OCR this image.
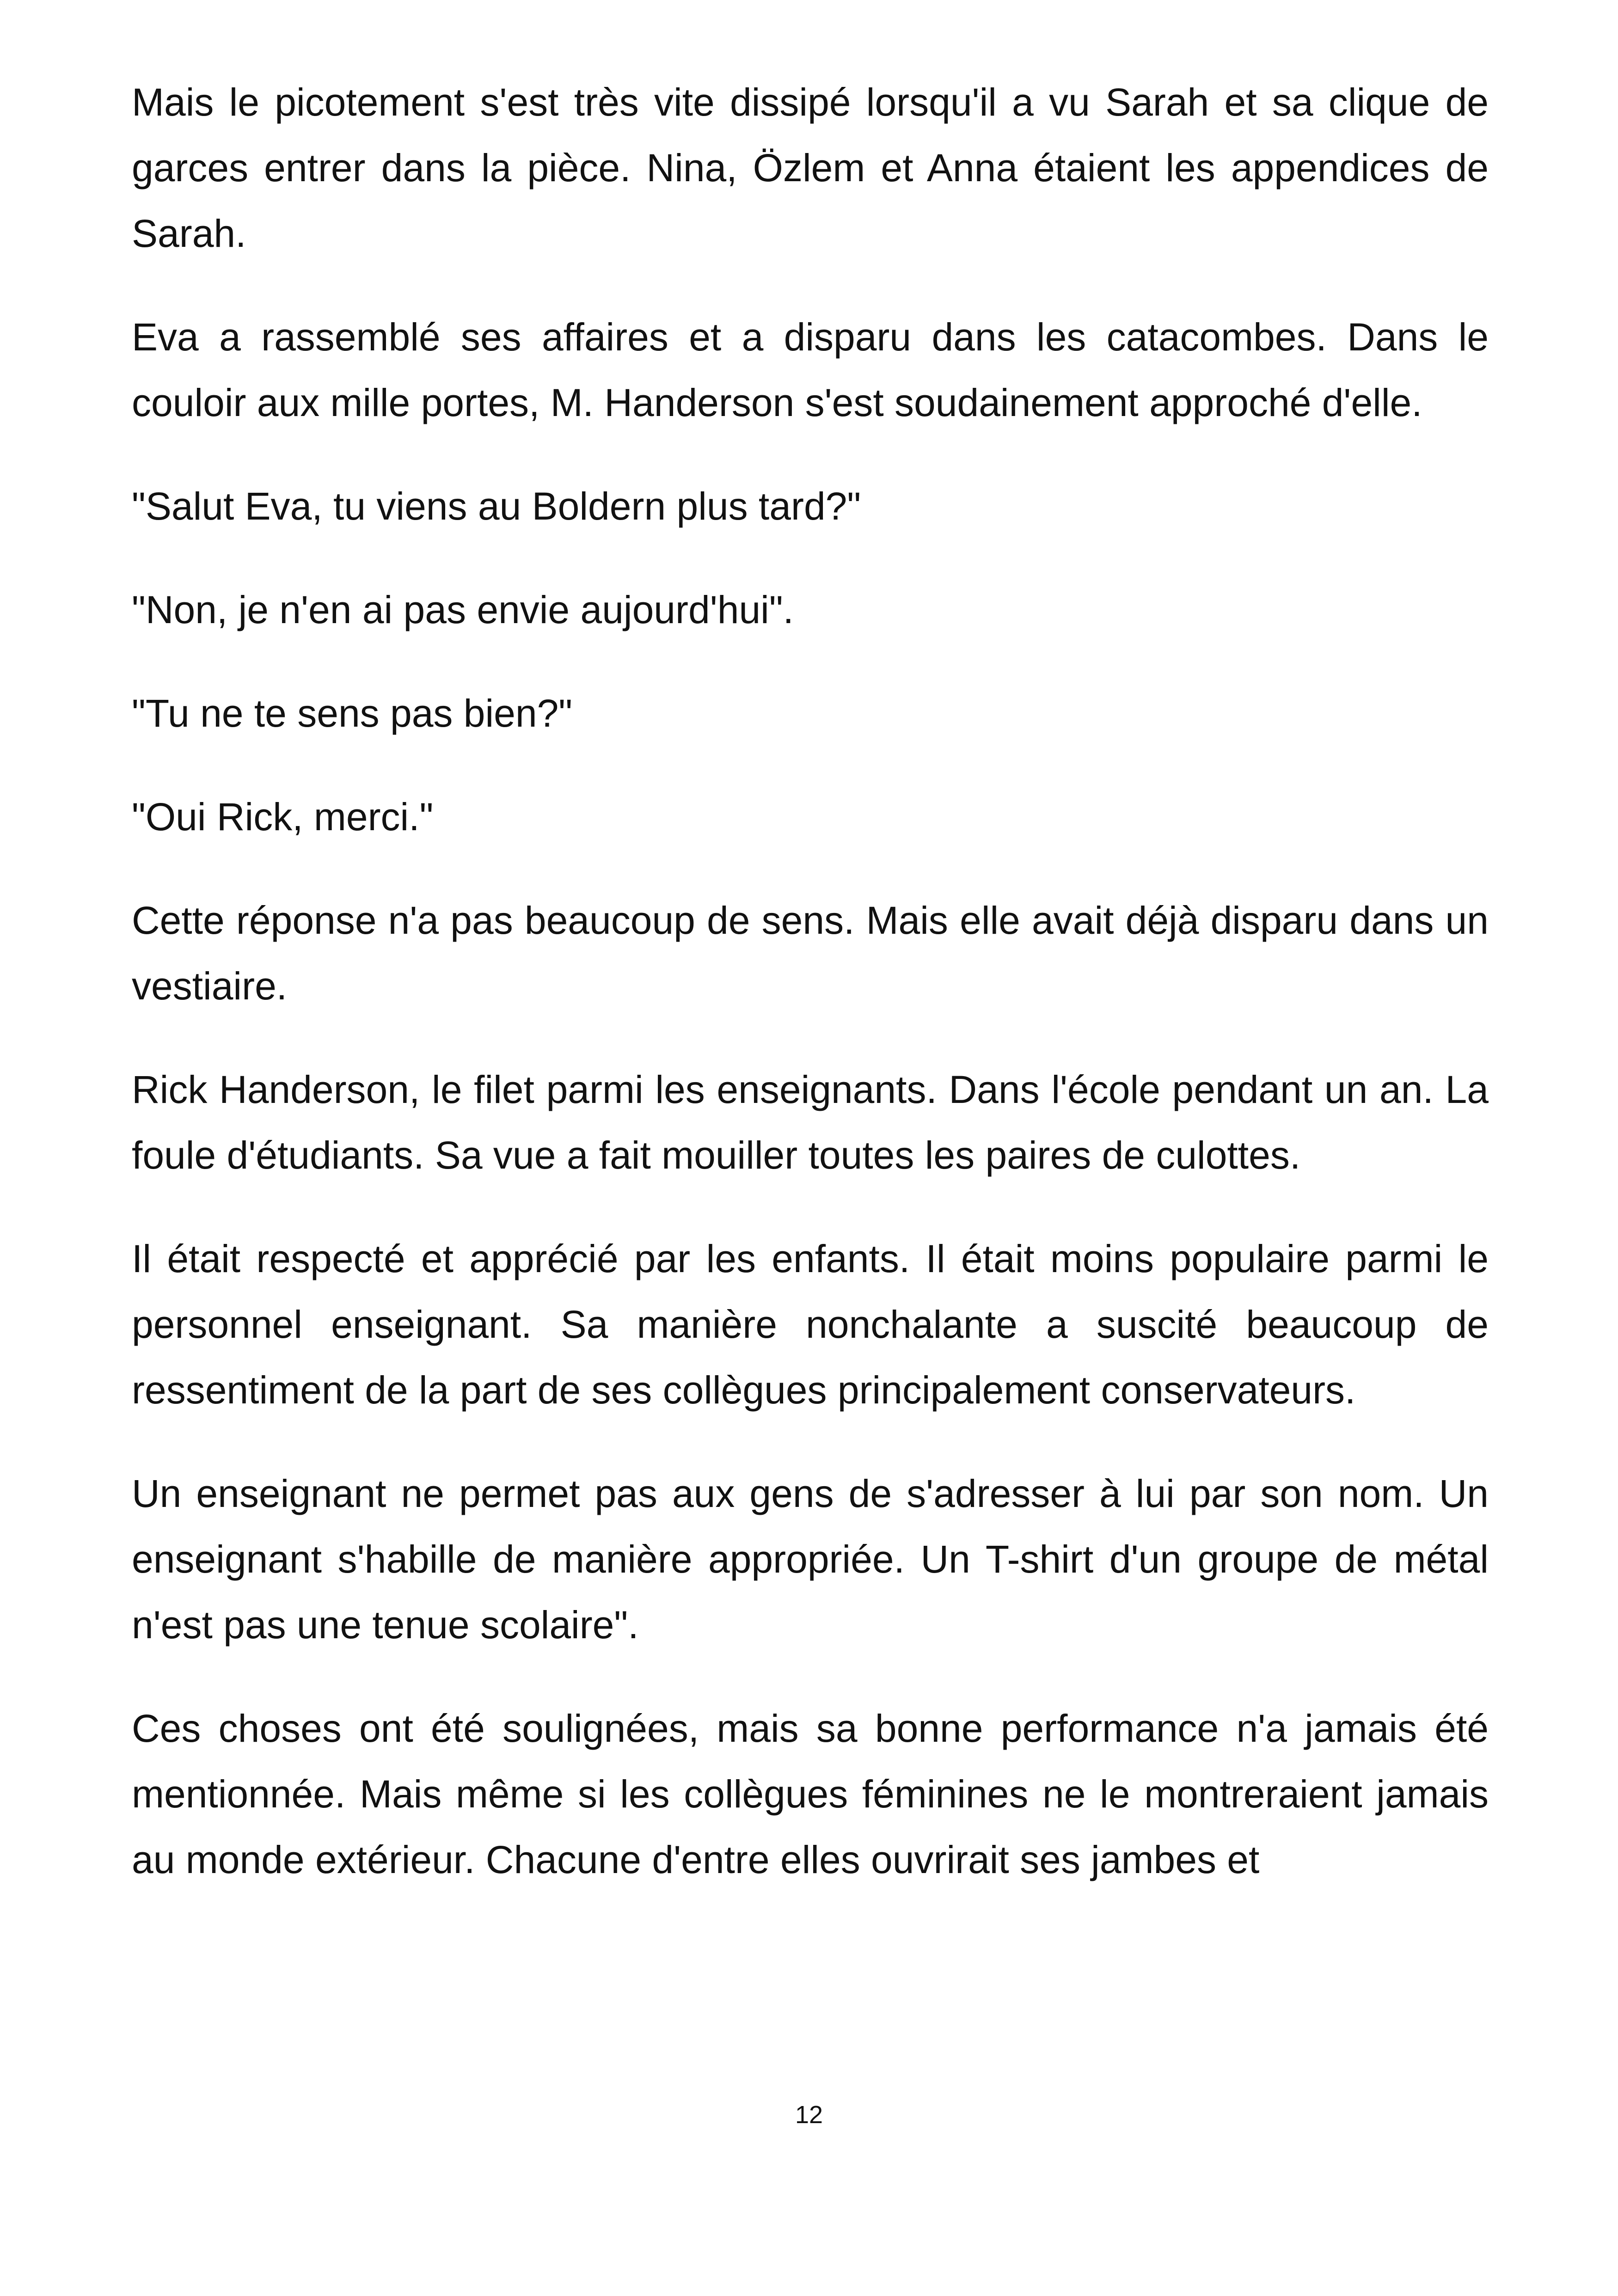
Mais le picotement s'est très vite dissipé lorsqu'il a vu Sarah et sa clique de garces entrer dans la pièce. Nina, Özlem et Anna étaient les appendices de Sarah.

Eva a rassemblé ses affaires et a disparu dans les catacombes. Dans le couloir aux mille portes, M. Handerson s'est soudainement approché d'elle.

"Salut Eva, tu viens au Boldern plus tard?"

"Non, je n'en ai pas envie aujourd'hui".

"Tu ne te sens pas bien?"

"Oui Rick, merci."

Cette réponse n'a pas beaucoup de sens. Mais elle avait déjà disparu dans un vestiaire.

Rick Handerson, le filet parmi les enseignants. Dans l'école pendant un an. La foule d'étudiants. Sa vue a fait mouiller toutes les paires de culottes.

Il était respecté et apprécié par les enfants. Il était moins populaire parmi le personnel enseignant. Sa manière nonchalante a suscité beaucoup de ressentiment de la part de ses collègues principalement conservateurs.

Un enseignant ne permet pas aux gens de s'adresser à lui par son nom. Un enseignant s'habille de manière appropriée. Un T-shirt d'un groupe de métal n'est pas une tenue scolaire".

Ces choses ont été soulignées, mais sa bonne performance n'a jamais été mentionnée. Mais même si les collègues féminines ne le montreraient jamais au monde extérieur. Chacune d'entre elles ouvrirait ses jambes et

12
